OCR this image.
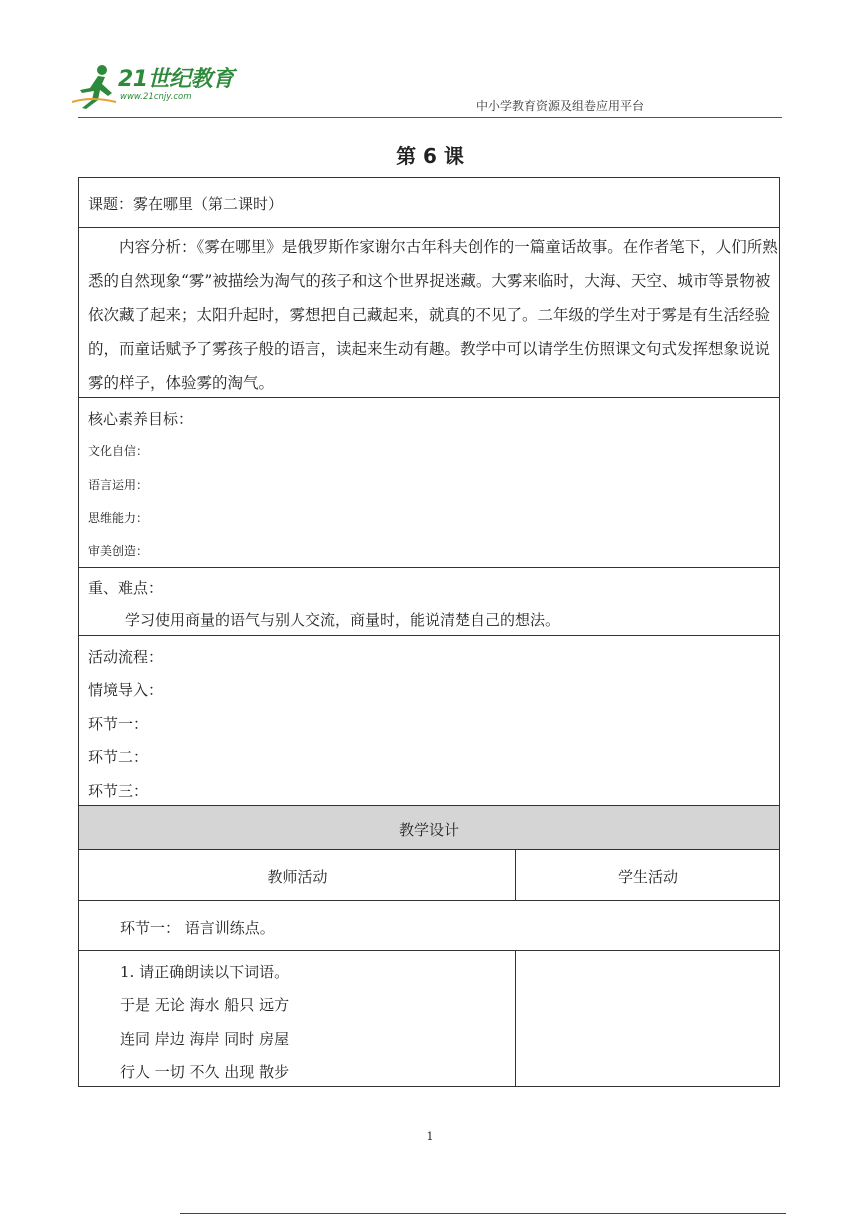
21世纪教育
www.21cnjy.com
中小学教育资源及组卷应用平台
第 6 课
课题：雾在哪里（第二课时）
内容分析：《雾在哪里》是俄罗斯作家谢尔古年科夫创作的一篇童话故事。在作者笔下，人们所熟悉的自然现象“雾”被描绘为淘气的孩子和这个世界捉迷藏。大雾来临时，大海、天空、城市等景物被依次藏了起来；太阳升起时，雾想把自己藏起来，就真的不见了。二年级的学生对于雾是有生活经验的，而童话赋予了雾孩子般的语言，读起来生动有趣。教学中可以请学生仿照课文句式发挥想象说说雾的样子，体验雾的淘气。
核心素养目标：
文化自信：
语言运用：
思维能力：
审美创造：
重、难点：
学习使用商量的语气与别人交流，商量时，能说清楚自己的想法。
活动流程：
情境导入：
环节一：
环节二：
环节三：
教学设计
教师活动	学生活动
环节一： 语言训练点。
1. 请正确朗读以下词语。
于是 无论 海水 船只 远方
连同 岸边 海岸 同时 房屋
行人 一切 不久 出现 散步
1
